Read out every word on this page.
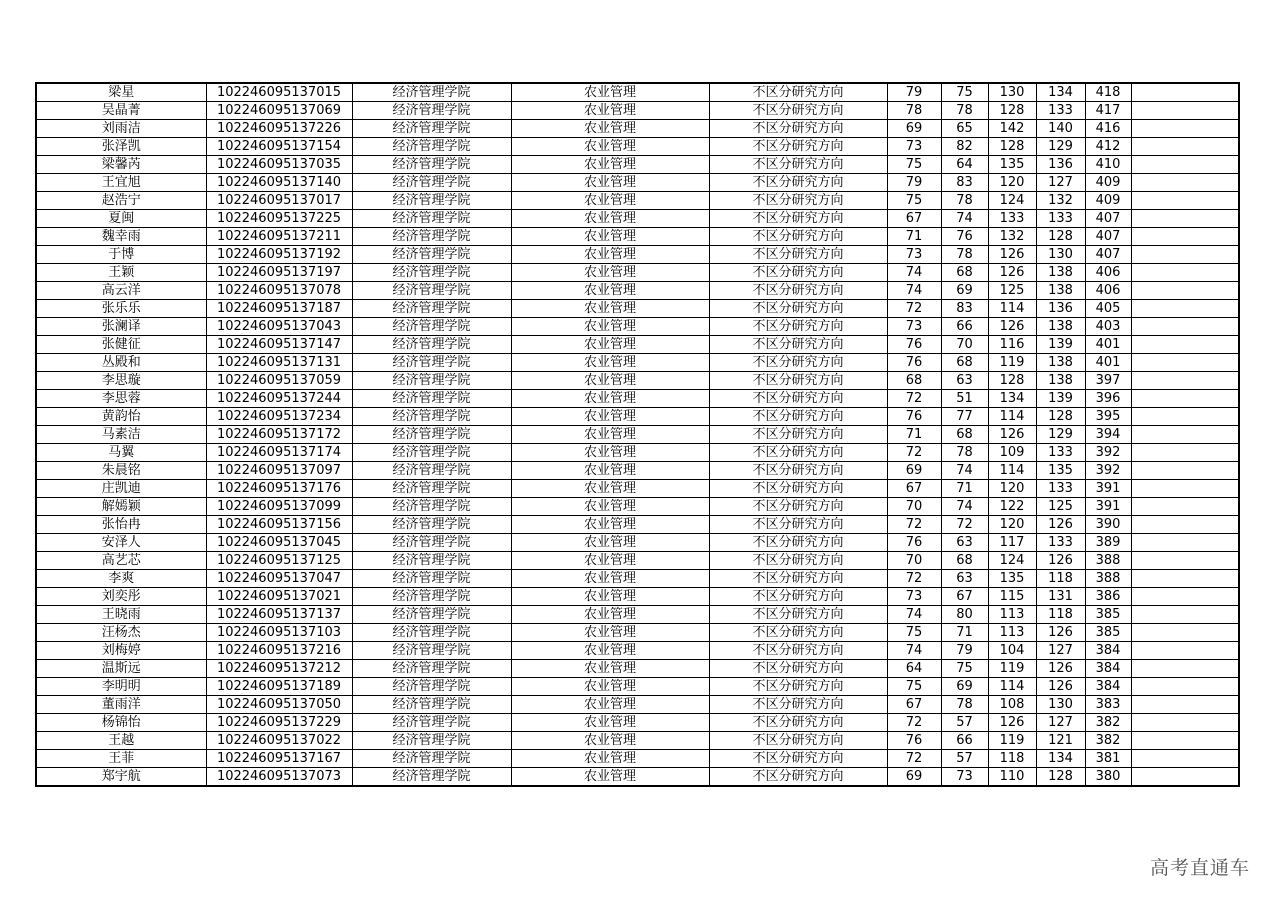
梁星	102246095137015	经济管理学院	农业管理	不区分研究方向	79	75	130	134	418	
吴晶菁	102246095137069	经济管理学院	农业管理	不区分研究方向	78	78	128	133	417	
刘雨洁	102246095137226	经济管理学院	农业管理	不区分研究方向	69	65	142	140	416	
张泽凯	102246095137154	经济管理学院	农业管理	不区分研究方向	73	82	128	129	412	
梁馨芮	102246095137035	经济管理学院	农业管理	不区分研究方向	75	64	135	136	410	
王宜旭	102246095137140	经济管理学院	农业管理	不区分研究方向	79	83	120	127	409	
赵浩宁	102246095137017	经济管理学院	农业管理	不区分研究方向	75	78	124	132	409	
夏闽	102246095137225	经济管理学院	农业管理	不区分研究方向	67	74	133	133	407	
魏幸雨	102246095137211	经济管理学院	农业管理	不区分研究方向	71	76	132	128	407	
于博	102246095137192	经济管理学院	农业管理	不区分研究方向	73	78	126	130	407	
王颖	102246095137197	经济管理学院	农业管理	不区分研究方向	74	68	126	138	406	
高云洋	102246095137078	经济管理学院	农业管理	不区分研究方向	74	69	125	138	406	
张乐乐	102246095137187	经济管理学院	农业管理	不区分研究方向	72	83	114	136	405	
张澜译	102246095137043	经济管理学院	农业管理	不区分研究方向	73	66	126	138	403	
张健征	102246095137147	经济管理学院	农业管理	不区分研究方向	76	70	116	139	401	
丛殿和	102246095137131	经济管理学院	农业管理	不区分研究方向	76	68	119	138	401	
李思璇	102246095137059	经济管理学院	农业管理	不区分研究方向	68	63	128	138	397	
李思蓉	102246095137244	经济管理学院	农业管理	不区分研究方向	72	51	134	139	396	
黄韵怡	102246095137234	经济管理学院	农业管理	不区分研究方向	76	77	114	128	395	
马素洁	102246095137172	经济管理学院	农业管理	不区分研究方向	71	68	126	129	394	
马翼	102246095137174	经济管理学院	农业管理	不区分研究方向	72	78	109	133	392	
朱晨铭	102246095137097	经济管理学院	农业管理	不区分研究方向	69	74	114	135	392	
庄凯迪	102246095137176	经济管理学院	农业管理	不区分研究方向	67	71	120	133	391	
解嫣颖	102246095137099	经济管理学院	农业管理	不区分研究方向	70	74	122	125	391	
张怡冉	102246095137156	经济管理学院	农业管理	不区分研究方向	72	72	120	126	390	
安泽人	102246095137045	经济管理学院	农业管理	不区分研究方向	76	63	117	133	389	
高艺芯	102246095137125	经济管理学院	农业管理	不区分研究方向	70	68	124	126	388	
李爽	102246095137047	经济管理学院	农业管理	不区分研究方向	72	63	135	118	388	
刘奕彤	102246095137021	经济管理学院	农业管理	不区分研究方向	73	67	115	131	386	
王晓雨	102246095137137	经济管理学院	农业管理	不区分研究方向	74	80	113	118	385	
汪杨杰	102246095137103	经济管理学院	农业管理	不区分研究方向	75	71	113	126	385	
刘梅婷	102246095137216	经济管理学院	农业管理	不区分研究方向	74	79	104	127	384	
温斯远	102246095137212	经济管理学院	农业管理	不区分研究方向	64	75	119	126	384	
李明明	102246095137189	经济管理学院	农业管理	不区分研究方向	75	69	114	126	384	
董雨洋	102246095137050	经济管理学院	农业管理	不区分研究方向	67	78	108	130	383	
杨锦怡	102246095137229	经济管理学院	农业管理	不区分研究方向	72	57	126	127	382	
王越	102246095137022	经济管理学院	农业管理	不区分研究方向	76	66	119	121	382	
王菲	102246095137167	经济管理学院	农业管理	不区分研究方向	72	57	118	134	381	
郑宇航	102246095137073	经济管理学院	农业管理	不区分研究方向	69	73	110	128	380	
高考直通车
